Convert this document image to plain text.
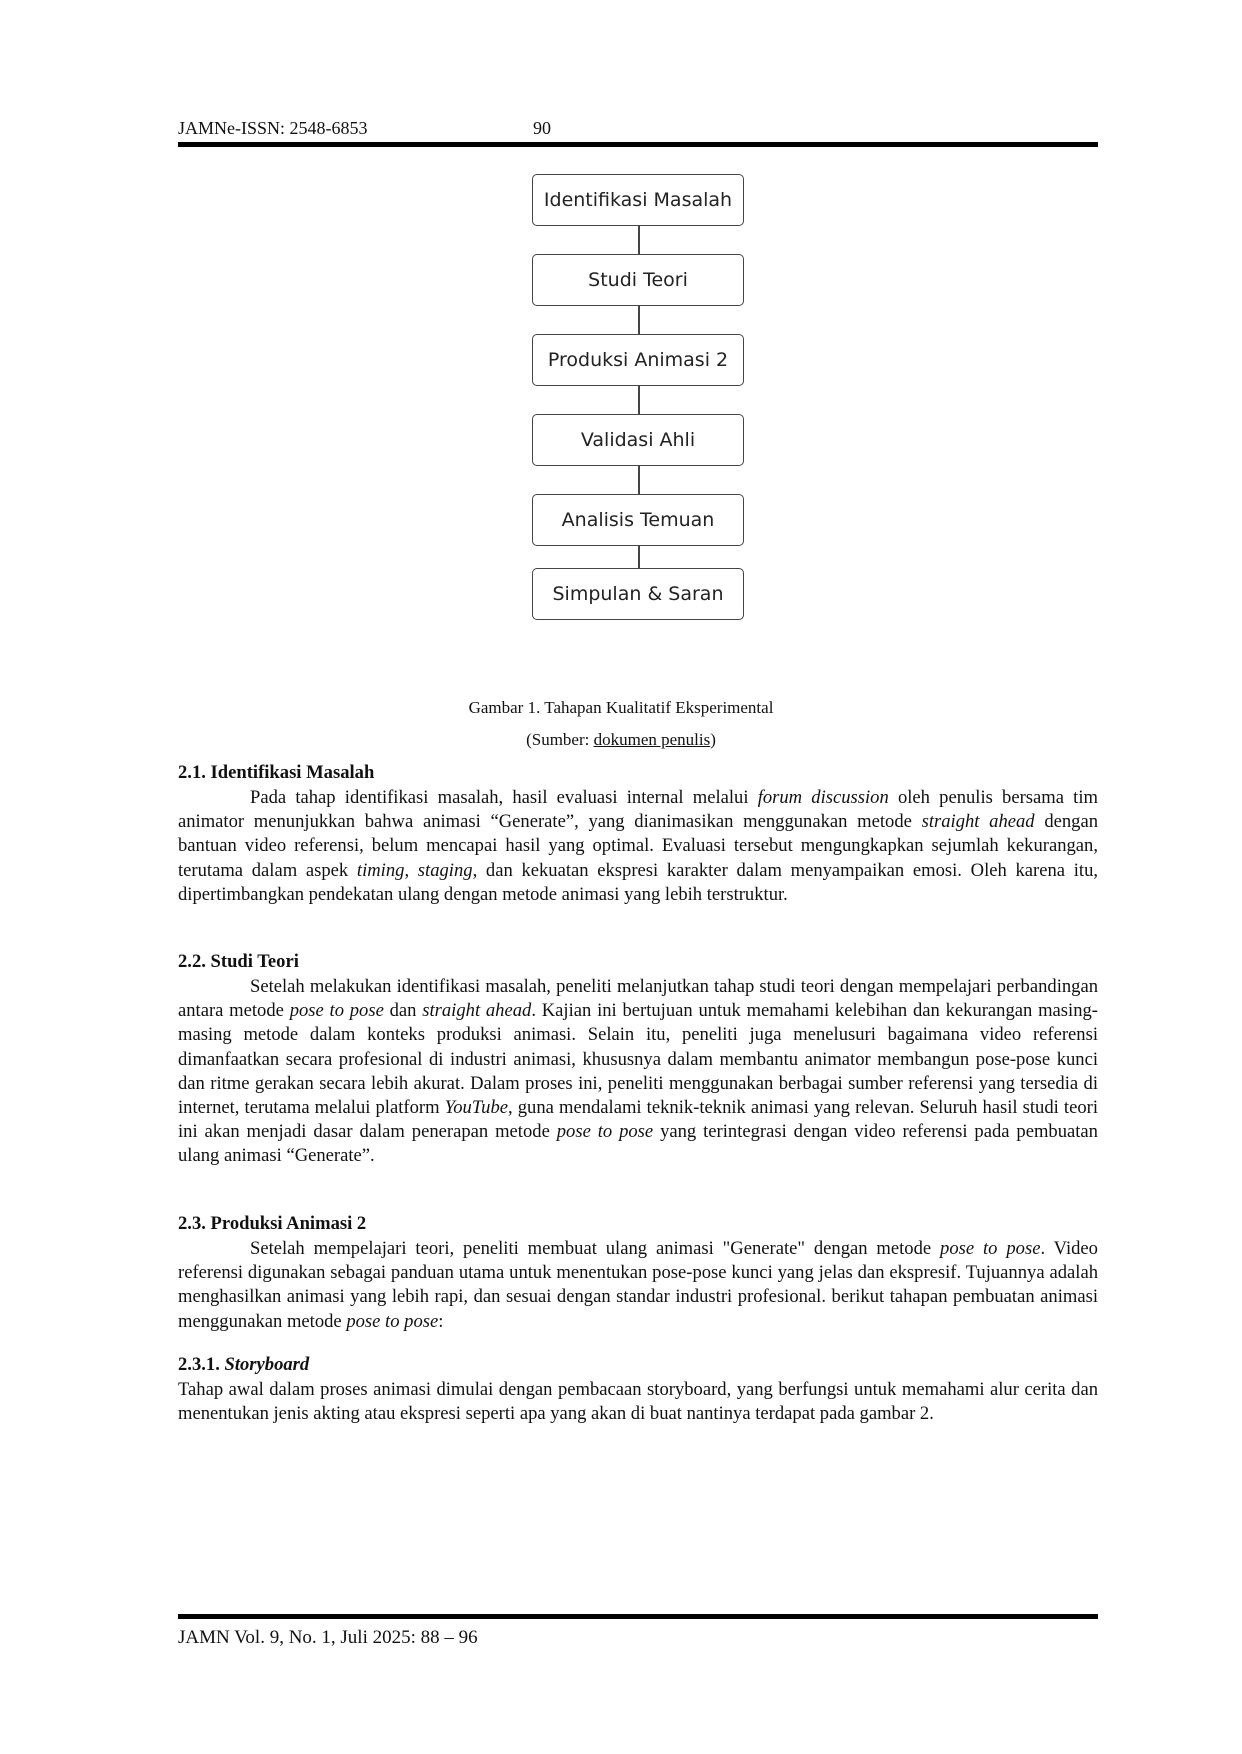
JAMNe-ISSN: 2548-6853	90
Identifikasi Masalah
Studi Teori
Produksi Animasi 2
Validasi Ahli
Analisis Temuan
Simpulan & Saran
Gambar 1. Tahapan Kualitatif Eksperimental
(Sumber: dokumen penulis)
2.1. Identifikasi Masalah

Pada tahap identifikasi masalah, hasil evaluasi internal melalui forum discussion oleh penulis bersama tim animator menunjukkan bahwa animasi “Generate”, yang dianimasikan menggunakan metode straight ahead dengan bantuan video referensi, belum mencapai hasil yang optimal. Evaluasi tersebut mengungkapkan sejumlah kekurangan, terutama dalam aspek timing, staging, dan kekuatan ekspresi karakter dalam menyampaikan emosi. Oleh karena itu, dipertimbangkan pendekatan ulang dengan metode animasi yang lebih terstruktur.

2.2. Studi Teori

Setelah melakukan identifikasi masalah, peneliti melanjutkan tahap studi teori dengan mempelajari perbandingan antara metode pose to pose dan straight ahead. Kajian ini bertujuan untuk memahami kelebihan dan kekurangan masing-masing metode dalam konteks produksi animasi. Selain itu, peneliti juga menelusuri bagaimana video referensi dimanfaatkan secara profesional di industri animasi, khususnya dalam membantu animator membangun pose-pose kunci dan ritme gerakan secara lebih akurat. Dalam proses ini, peneliti menggunakan berbagai sumber referensi yang tersedia di internet, terutama melalui platform YouTube, guna mendalami teknik-teknik animasi yang relevan. Seluruh hasil studi teori ini akan menjadi dasar dalam penerapan metode pose to pose yang terintegrasi dengan video referensi pada pembuatan ulang animasi “Generate”.

2.3. Produksi Animasi 2

Setelah mempelajari teori, peneliti membuat ulang animasi "Generate" dengan metode pose to pose. Video referensi digunakan sebagai panduan utama untuk menentukan pose-pose kunci yang jelas dan ekspresif. Tujuannya adalah menghasilkan animasi yang lebih rapi, dan sesuai dengan standar industri profesional. berikut tahapan pembuatan animasi menggunakan metode pose to pose:

2.3.1. Storyboard

Tahap awal dalam proses animasi dimulai dengan pembacaan storyboard, yang berfungsi untuk memahami alur cerita dan menentukan jenis akting atau ekspresi seperti apa yang akan di buat nantinya terdapat pada gambar 2.

JAMN Vol. 9, No. 1, Juli 2025: 88 – 96
